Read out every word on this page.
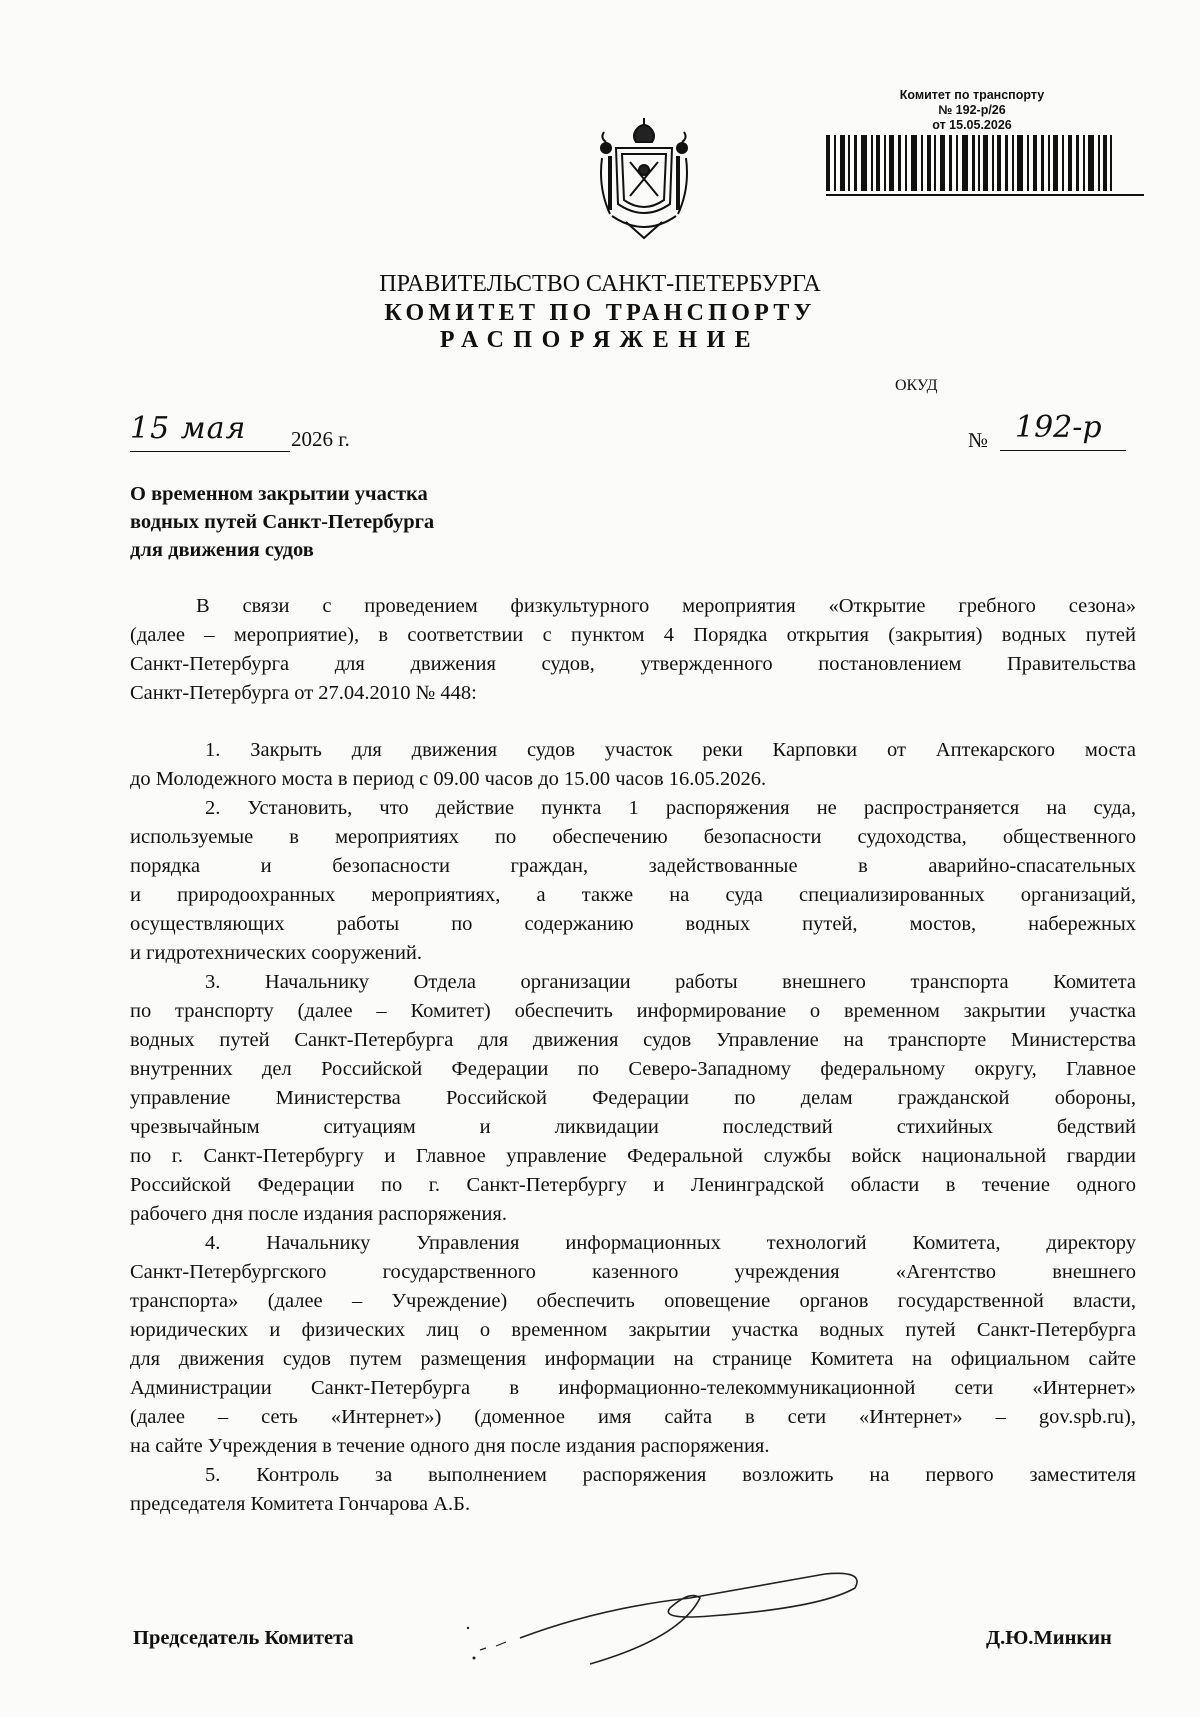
Комитет по транспорту
№ 192-р/26
от 15.05.2026
ПРАВИТЕЛЬСТВО САНКТ-ПЕТЕРБУРГА
КОМИТЕТ ПО ТРАНСПОРТУ
РАСПОРЯЖЕНИЕ
ОКУД
15 мая 2026 г.	№ 192-р
О временном закрытии участка
водных путей Санкт-Петербурга
для движения судов
В связи с проведением физкультурного мероприятия «Открытие гребного сезона»
(далее – мероприятие), в соответствии с пунктом 4 Порядка открытия (закрытия) водных путей
Санкт-Петербурга для движения судов, утвержденного постановлением Правительства
Санкт-Петербурга от 27.04.2010 № 448:
1. Закрыть для движения судов участок реки Карповки от Аптекарского моста
до Молодежного моста в период с 09.00 часов до 15.00 часов 16.05.2026.
2. Установить, что действие пункта 1 распоряжения не распространяется на суда,
используемые в мероприятиях по обеспечению безопасности судоходства, общественного
порядка и безопасности граждан, задействованные в аварийно-спасательных
и природоохранных мероприятиях, а также на суда специализированных организаций,
осуществляющих работы по содержанию водных путей, мостов, набережных
и гидротехнических сооружений.
3. Начальнику Отдела организации работы внешнего транспорта Комитета
по транспорту (далее – Комитет) обеспечить информирование о временном закрытии участка
водных путей Санкт-Петербурга для движения судов Управление на транспорте Министерства
внутренних дел Российской Федерации по Северо-Западному федеральному округу, Главное
управление Министерства Российской Федерации по делам гражданской обороны,
чрезвычайным ситуациям и ликвидации последствий стихийных бедствий
по г. Санкт-Петербургу и Главное управление Федеральной службы войск национальной гвардии
Российской Федерации по г. Санкт-Петербургу и Ленинградской области в течение одного
рабочего дня после издания распоряжения.
4. Начальнику Управления информационных технологий Комитета, директору
Санкт-Петербургского государственного казенного учреждения «Агентство внешнего
транспорта» (далее – Учреждение) обеспечить оповещение органов государственной власти,
юридических и физических лиц о временном закрытии участка водных путей Санкт-Петербурга
для движения судов путем размещения информации на странице Комитета на официальном сайте
Администрации Санкт-Петербурга в информационно-телекоммуникационной сети «Интернет»
(далее – сеть «Интернет») (доменное имя сайта в сети «Интернет» – gov.spb.ru),
на сайте Учреждения в течение одного дня после издания распоряжения.
5. Контроль за выполнением распоряжения возложить на первого заместителя
председателя Комитета Гончарова А.Б.
Председатель Комитета	Д.Ю.Минкин
